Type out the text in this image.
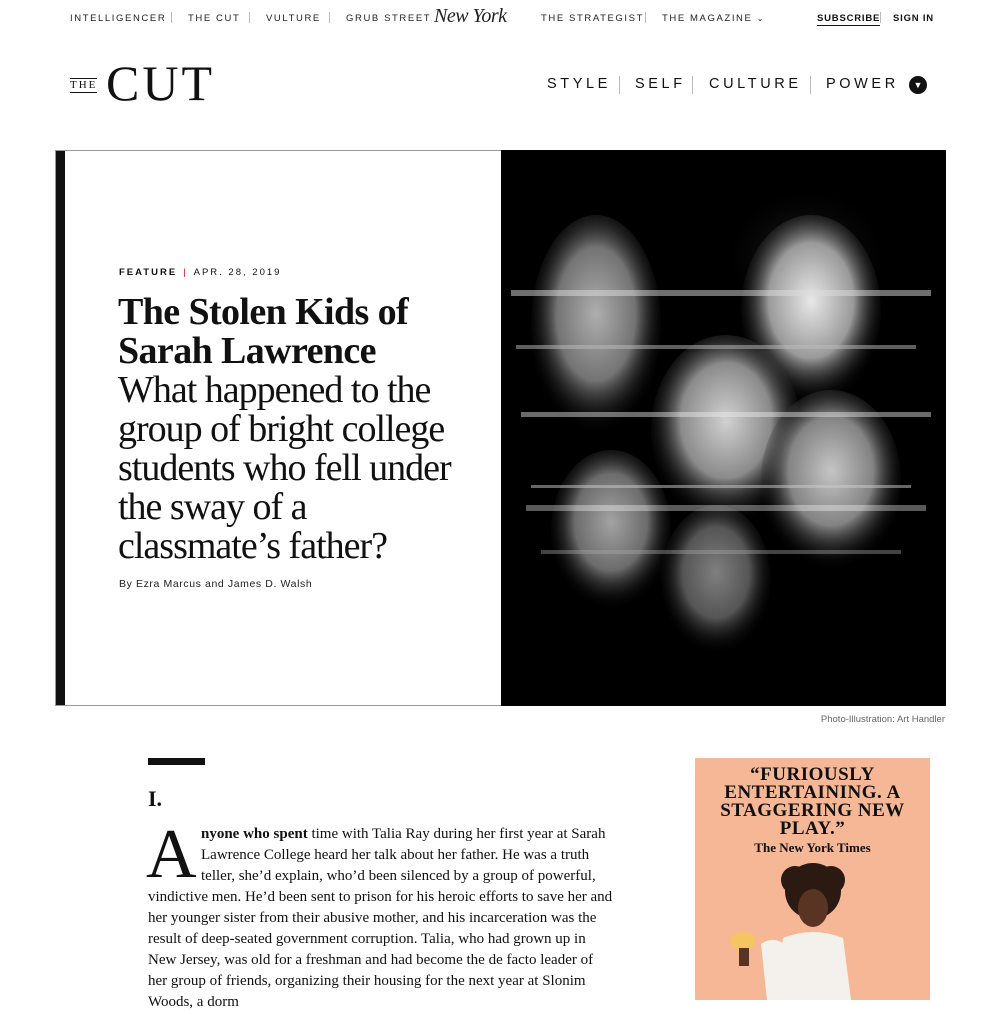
INTELLIGENCER THE CUT	VULTURE	GRUB STREET New York	THE STRATEGIST THE MAGAZINE ⌄	SUBSCRIBE SIGN IN
THE CUT	STYLE SELF CULTURE POWER	▼
FEATURE | APR. 28, 2019
The Stolen Kids of Sarah Lawrence
What happened to the group of bright college students who fell under the sway of a classmate’s father?
By Ezra Marcus and James D. Walsh
Photo-Illustration: Art Handler
I.
A nyone who spent time with Talia Ray during her first year at Sarah
Lawrence College heard her talk about her father. He was a truth
teller, she’d explain, who’d been silenced by a group of powerful,
vindictive men. He’d been sent to prison for his heroic efforts to save her and
her younger sister from their abusive mother, and his incarceration was the
result of deep-seated government corruption. Talia, who had grown up in
New Jersey, was old for a freshman and had become the de facto leader of
her group of friends, organizing their housing for the next year at Slonim
Woods, a dorm
“FURIOUSLY ENTERTAINING. A STAGGERING NEW PLAY.”
The New York Times
